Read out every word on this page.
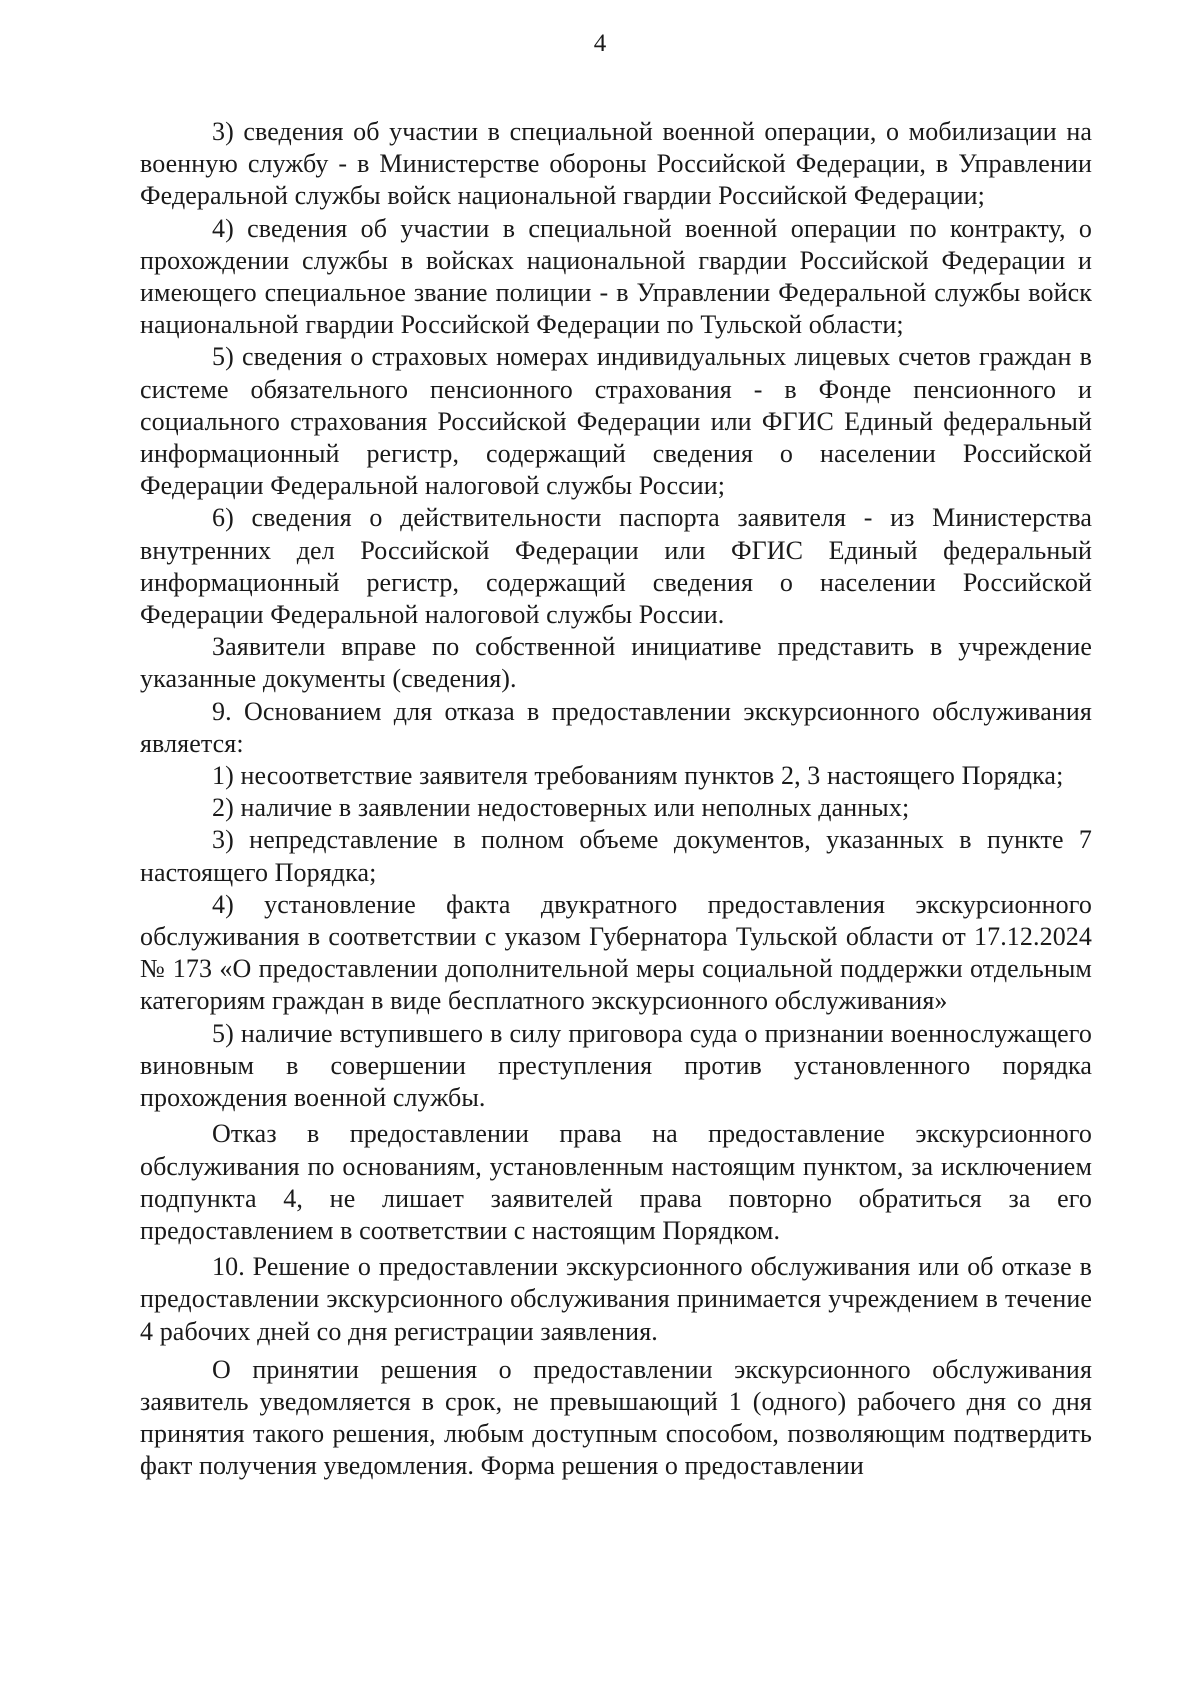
4

3) сведения об участии в специальной военной операции, о мобилизации на военную службу - в Министерстве обороны Российской Федерации, в Управлении Федеральной службы войск национальной гвардии Российской Федерации;

4) сведения об участии в специальной военной операции по контракту, о прохождении службы в войсках национальной гвардии Российской Федерации и имеющего специальное звание полиции - в Управлении Федеральной службы войск национальной гвардии Российской Федерации по Тульской области;

5) сведения о страховых номерах индивидуальных лицевых счетов граждан в системе обязательного пенсионного страхования - в Фонде пенсионного и социального страхования Российской Федерации или ФГИС Единый федеральный информационный регистр, содержащий сведения о населении Российской Федерации Федеральной налоговой службы России;

6) сведения о действительности паспорта заявителя - из Министерства внутренних дел Российской Федерации или ФГИС Единый федеральный информационный регистр, содержащий сведения о населении Российской Федерации Федеральной налоговой службы России.

Заявители вправе по собственной инициативе представить в учреждение указанные документы (сведения).

9. Основанием для отказа в предоставлении экскурсионного обслуживания является:

1) несоответствие заявителя требованиям пунктов 2, 3 настоящего Порядка;

2) наличие в заявлении недостоверных или неполных данных;

3) непредставление в полном объеме документов, указанных в пункте 7 настоящего Порядка;

4) установление факта двукратного предоставления экскурсионного обслуживания в соответствии с указом Губернатора Тульской области от 17.12.2024 № 173 «О предоставлении дополнительной меры социальной поддержки отдельным категориям граждан в виде бесплатного экскурсионного обслуживания»

5) наличие вступившего в силу приговора суда о признании военнослужащего виновным в совершении преступления против установленного порядка прохождения военной службы.

Отказ в предоставлении права на предоставление экскурсионного обслуживания по основаниям, установленным настоящим пунктом, за исключением подпункта 4, не лишает заявителей права повторно обратиться за его предоставлением в соответствии с настоящим Порядком.

10. Решение о предоставлении экскурсионного обслуживания или об отказе в предоставлении экскурсионного обслуживания принимается учреждением в течение 4 рабочих дней со дня регистрации заявления.

О принятии решения о предоставлении экскурсионного обслуживания заявитель уведомляется в срок, не превышающий 1 (одного) рабочего дня со дня принятия такого решения, любым доступным способом, позволяющим подтвердить факт получения уведомления. Форма решения о предоставлении
